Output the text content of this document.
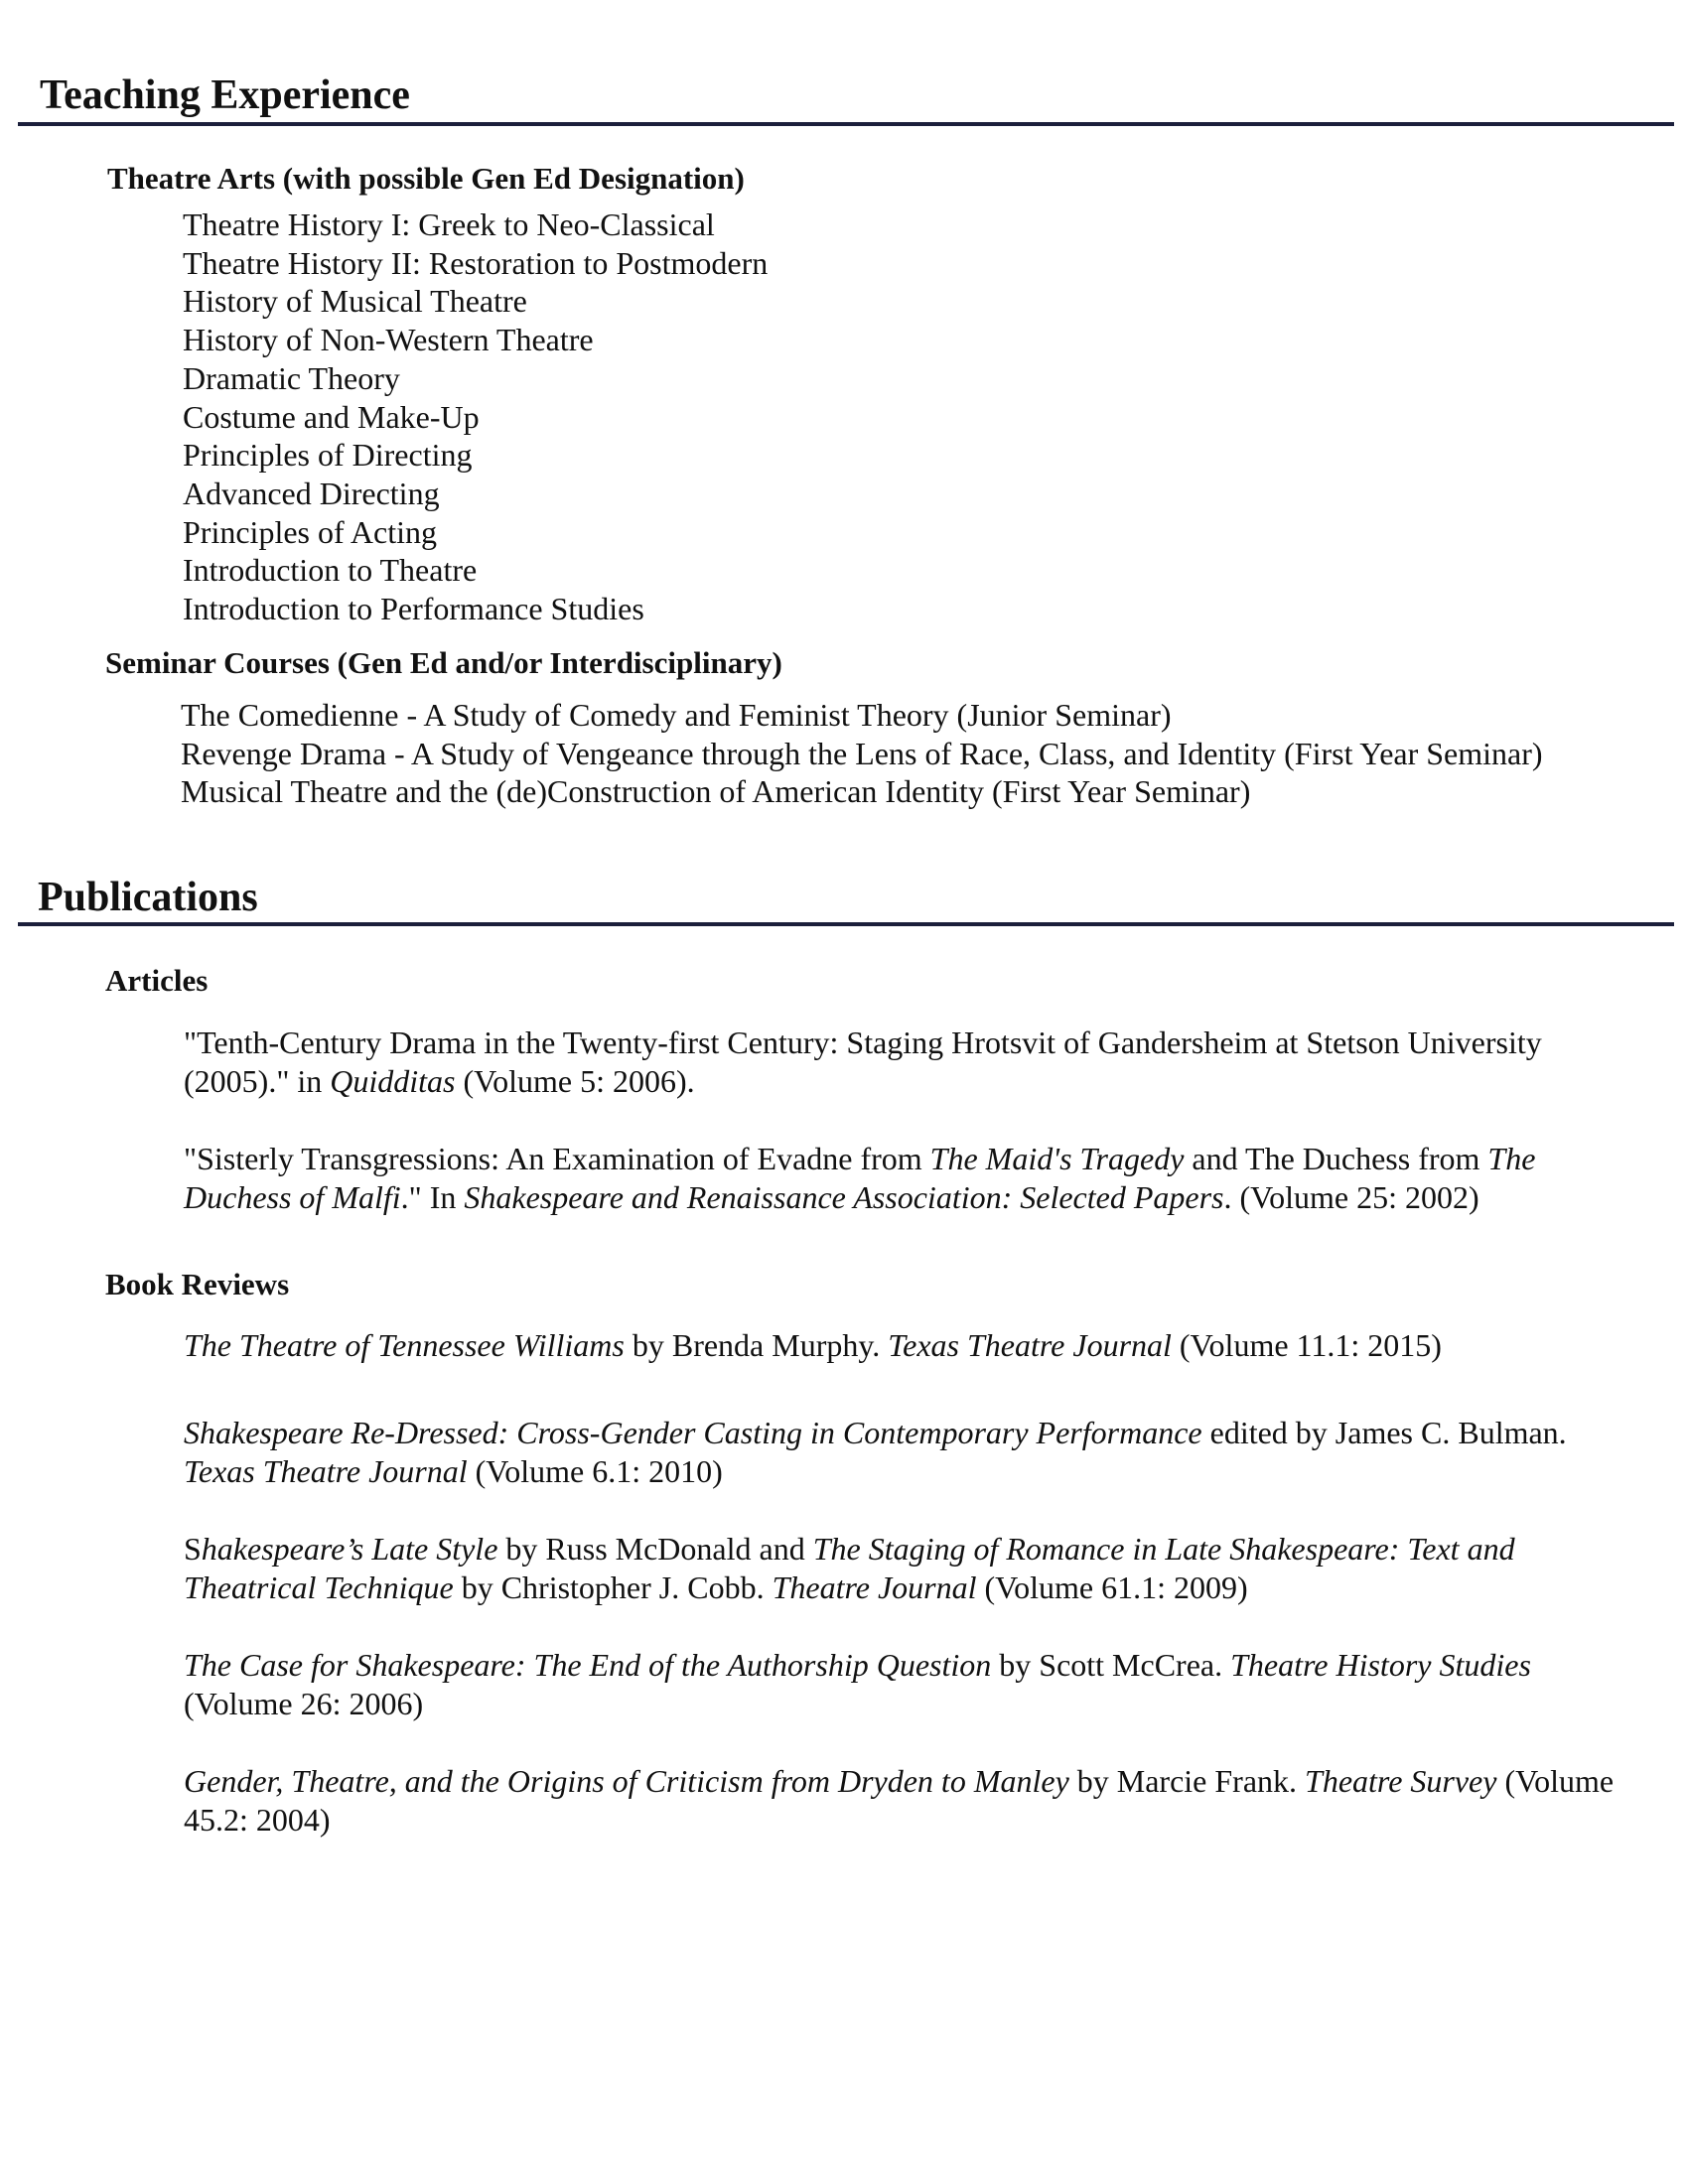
Teaching Experience
Theatre Arts (with possible Gen Ed Designation)
Theatre History I: Greek to Neo-Classical
Theatre History II: Restoration to Postmodern
History of Musical Theatre
History of Non-Western Theatre
Dramatic Theory
Costume and Make-Up
Principles of Directing
Advanced Directing
Principles of Acting
Introduction to Theatre
Introduction to Performance Studies
Seminar Courses (Gen Ed and/or Interdisciplinary)
The Comedienne - A Study of Comedy and Feminist Theory (Junior Seminar)
Revenge Drama - A Study of Vengeance through the Lens of Race, Class, and Identity (First Year Seminar)
Musical Theatre and the (de)Construction of American Identity (First Year Seminar)
Publications
Articles
"Tenth-Century Drama in the Twenty-first Century: Staging Hrotsvit of Gandersheim at Stetson University (2005)." in Quidditas (Volume 5: 2006).
"Sisterly Transgressions: An Examination of Evadne from The Maid's Tragedy and The Duchess from The Duchess of Malfi." In Shakespeare and Renaissance Association: Selected Papers. (Volume 25: 2002)
Book Reviews
The Theatre of Tennessee Williams by Brenda Murphy. Texas Theatre Journal (Volume 11.1: 2015)
Shakespeare Re-Dressed: Cross-Gender Casting in Contemporary Performance edited by James C. Bulman. Texas Theatre Journal (Volume 6.1: 2010)
Shakespeare’s Late Style by Russ McDonald and The Staging of Romance in Late Shakespeare: Text and Theatrical Technique by Christopher J. Cobb. Theatre Journal (Volume 61.1: 2009)
The Case for Shakespeare: The End of the Authorship Question by Scott McCrea. Theatre History Studies (Volume 26: 2006)
Gender, Theatre, and the Origins of Criticism from Dryden to Manley by Marcie Frank. Theatre Survey (Volume 45.2: 2004)
